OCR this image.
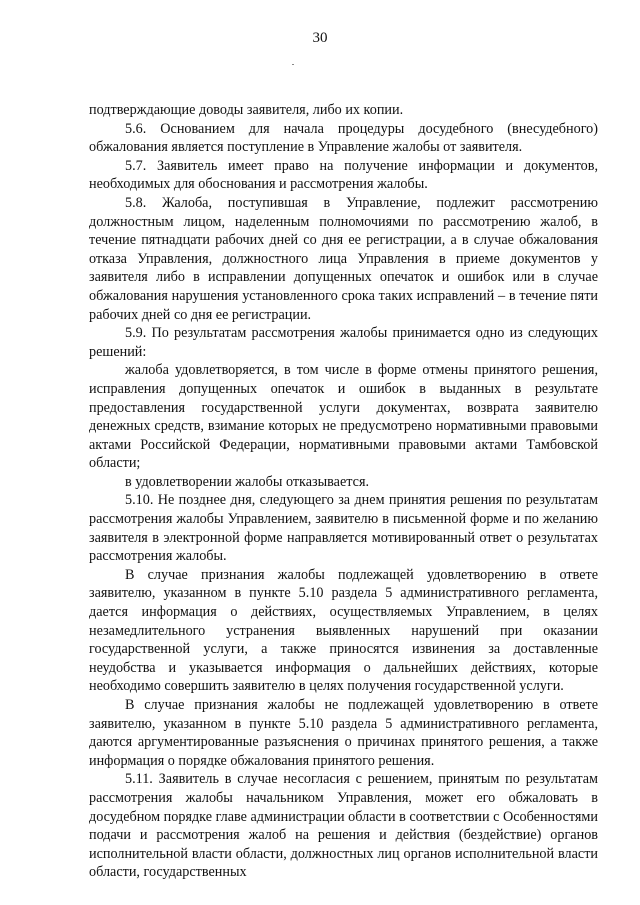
30

подтверждающие доводы заявителя, либо их копии.

5.6. Основанием для начала процедуры досудебного (внесудебного) обжалования является поступление в Управление жалобы от заявителя.

5.7. Заявитель имеет право на получение информации и документов, необходимых для обоснования и рассмотрения жалобы.

5.8. Жалоба, поступившая в Управление, подлежит рассмотрению должностным лицом, наделенным полномочиями по рассмотрению жалоб, в течение пятнадцати рабочих дней со дня ее регистрации, а в случае обжалования отказа Управления, должностного лица Управления в приеме документов у заявителя либо в исправлении допущенных опечаток и ошибок или в случае обжалования нарушения установленного срока таких исправлений – в течение пяти рабочих дней со дня ее регистрации.

5.9. По результатам рассмотрения жалобы принимается одно из следующих решений:

жалоба удовлетворяется, в том числе в форме отмены принятого решения, исправления допущенных опечаток и ошибок в выданных в результате предоставления государственной услуги документах, возврата заявителю денежных средств, взимание которых не предусмотрено нормативными правовыми актами Российской Федерации, нормативными правовыми актами Тамбовской области;

в удовлетворении жалобы отказывается.

5.10. Не позднее дня, следующего за днем принятия решения по результатам рассмотрения жалобы Управлением, заявителю в письменной форме и по желанию заявителя в электронной форме направляется мотивированный ответ о результатах рассмотрения жалобы.

В случае признания жалобы подлежащей удовлетворению в ответе заявителю, указанном в пункте 5.10 раздела 5 административного регламента, дается информация о действиях, осуществляемых Управлением, в целях незамедлительного устранения выявленных нарушений при оказании государственной услуги, а также приносятся извинения за доставленные неудобства и указывается информация о дальнейших действиях, которые необходимо совершить заявителю в целях получения государственной услуги.

В случае признания жалобы не подлежащей удовлетворению в ответе заявителю, указанном в пункте 5.10 раздела 5 административного регламента, даются аргументированные разъяснения о причинах принятого решения, а также информация о порядке обжалования принятого решения.

5.11. Заявитель в случае несогласия с решением, принятым по результатам рассмотрения жалобы начальником Управления, может его обжаловать в досудебном порядке главе администрации области в соответствии с Особенностями подачи и рассмотрения жалоб на решения и действия (бездействие) органов исполнительной власти области, должностных лиц органов исполнительной власти области, государственных
